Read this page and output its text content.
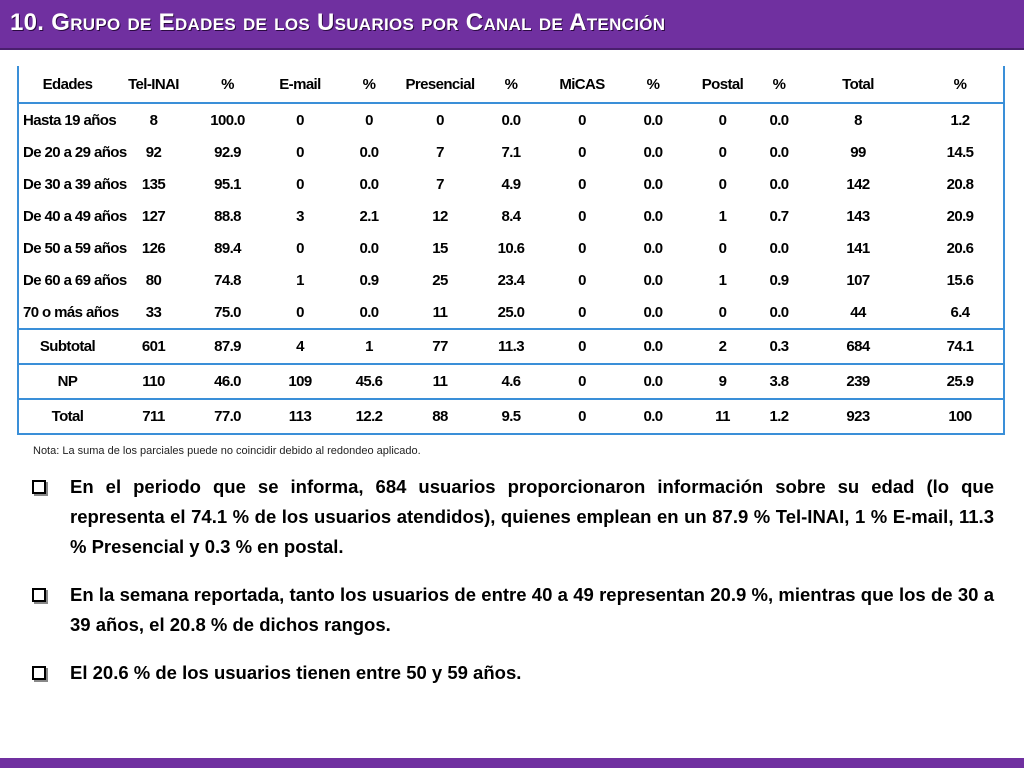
10. Grupo de Edades de los Usuarios por Canal de Atención
Edades	Tel-INAI	%	E-mail	%	Presencial	%	MiCAS	%	Postal	%	Total	%
Hasta 19 años	8	100.0	0	0	0	0.0	0	0.0	0	0.0	8	1.2
De 20 a 29 años	92	92.9	0	0.0	7	7.1	0	0.0	0	0.0	99	14.5
De 30 a 39 años	135	95.1	0	0.0	7	4.9	0	0.0	0	0.0	142	20.8
De 40 a 49 años	127	88.8	3	2.1	12	8.4	0	0.0	1	0.7	143	20.9
De 50 a 59 años	126	89.4	0	0.0	15	10.6	0	0.0	0	0.0	141	20.6
De 60 a 69 años	80	74.8	1	0.9	25	23.4	0	0.0	1	0.9	107	15.6
70 o más años	33	75.0	0	0.0	11	25.0	0	0.0	0	0.0	44	6.4
Subtotal	601	87.9	4	1	77	11.3	0	0.0	2	0.3	684	74.1
NP	110	46.0	109	45.6	11	4.6	0	0.0	9	3.8	239	25.9
Total	711	77.0	113	12.2	88	9.5	0	0.0	11	1.2	923	100
Nota: La suma de los parciales puede no coincidir debido al redondeo aplicado.
En el periodo que se informa, 684 usuarios proporcionaron información sobre su edad (lo que representa el 74.1 % de los usuarios atendidos), quienes emplean en un 87.9 % Tel-INAI, 1 % E-mail, 11.3 % Presencial y 0.3 % en postal.
En la semana reportada, tanto los usuarios de entre 40 a 49 representan 20.9 %, mientras que los de 30 a 39 años, el 20.8 % de dichos rangos.
El 20.6 % de los usuarios tienen entre 50 y 59 años.
